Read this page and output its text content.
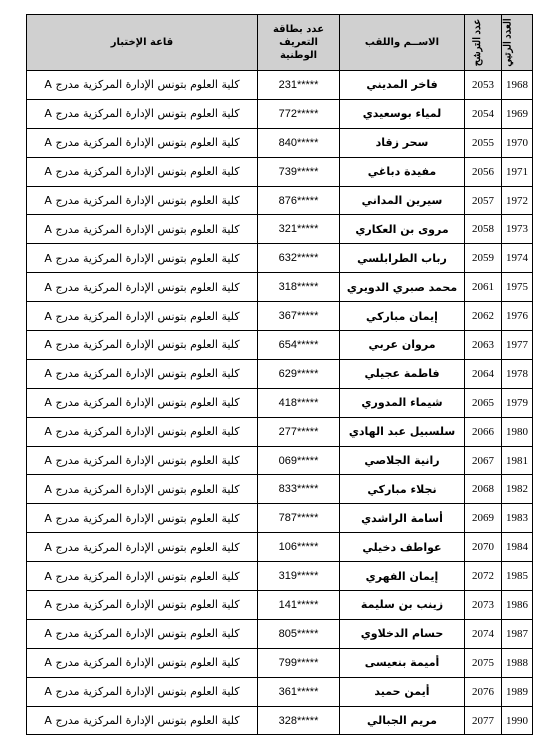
العدد الرتبي	عدد الترشح	الاســم واللقب	عدد بطاقة التعريف الوطنية	قاعة الإختبار
1968	2053	فاخر المديني	231*****	كلية العلوم بتونس الإدارة المركزية مدرج A
1969	2054	لمياء بوسعيدي	772*****	كلية العلوم بتونس الإدارة المركزية مدرج A
1970	2055	سحر زقاد	840*****	كلية العلوم بتونس الإدارة المركزية مدرج A
1971	2056	مفيدة دباغي	739*****	كلية العلوم بتونس الإدارة المركزية مدرج A
1972	2057	سيرين المداني	876*****	كلية العلوم بتونس الإدارة المركزية مدرج A
1973	2058	مروى بن العكاري	321*****	كلية العلوم بتونس الإدارة المركزية مدرج A
1974	2059	رباب الطرابلسي	632*****	كلية العلوم بتونس الإدارة المركزية مدرج A
1975	2061	محمد صبري الدويري	318*****	كلية العلوم بتونس الإدارة المركزية مدرج A
1976	2062	إيمان مباركي	367*****	كلية العلوم بتونس الإدارة المركزية مدرج A
1977	2063	مروان عربي	654*****	كلية العلوم بتونس الإدارة المركزية مدرج A
1978	2064	فاطمة عجيلي	629*****	كلية العلوم بتونس الإدارة المركزية مدرج A
1979	2065	شيماء المدوري	418*****	كلية العلوم بتونس الإدارة المركزية مدرج A
1980	2066	سلسبيل عبد الهادي	277*****	كلية العلوم بتونس الإدارة المركزية مدرج A
1981	2067	رانية الجلاصي	069*****	كلية العلوم بتونس الإدارة المركزية مدرج A
1982	2068	نجلاء مباركي	833*****	كلية العلوم بتونس الإدارة المركزية مدرج A
1983	2069	أسامة الراشدي	787*****	كلية العلوم بتونس الإدارة المركزية مدرج A
1984	2070	عواطف دخيلي	106*****	كلية العلوم بتونس الإدارة المركزية مدرج A
1985	2072	إيمان الفهري	319*****	كلية العلوم بتونس الإدارة المركزية مدرج A
1986	2073	زينب بن سليمة	141*****	كلية العلوم بتونس الإدارة المركزية مدرج A
1987	2074	حسام الدخلاوي	805*****	كلية العلوم بتونس الإدارة المركزية مدرج A
1988	2075	أميمة بنعيسى	799*****	كلية العلوم بتونس الإدارة المركزية مدرج A
1989	2076	أيمن حميد	361*****	كلية العلوم بتونس الإدارة المركزية مدرج A
1990	2077	مريم الجبالي	328*****	كلية العلوم بتونس الإدارة المركزية مدرج A
